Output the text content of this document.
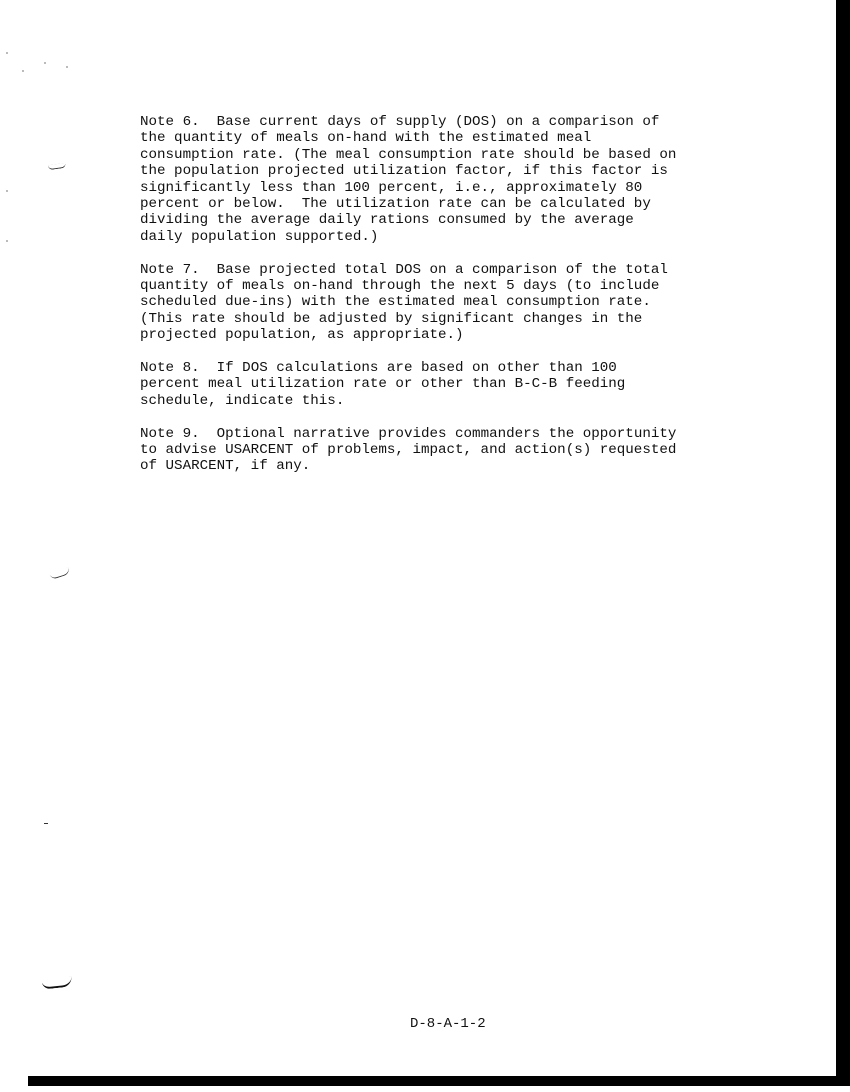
Note 6.  Base current days of supply (DOS) on a comparison of
the quantity of meals on-hand with the estimated meal
consumption rate. (The meal consumption rate should be based on
the population projected utilization factor, if this factor is
significantly less than 100 percent, i.e., approximately 80
percent or below.  The utilization rate can be calculated by
dividing the average daily rations consumed by the average
daily population supported.)

Note 7.  Base projected total DOS on a comparison of the total
quantity of meals on-hand through the next 5 days (to include
scheduled due-ins) with the estimated meal consumption rate.
(This rate should be adjusted by significant changes in the
projected population, as appropriate.)

Note 8.  If DOS calculations are based on other than 100
percent meal utilization rate or other than B-C-B feeding
schedule, indicate this.

Note 9.  Optional narrative provides commanders the opportunity
to advise USARCENT of problems, impact, and action(s) requested
of USARCENT, if any.

D-8-A-1-2
